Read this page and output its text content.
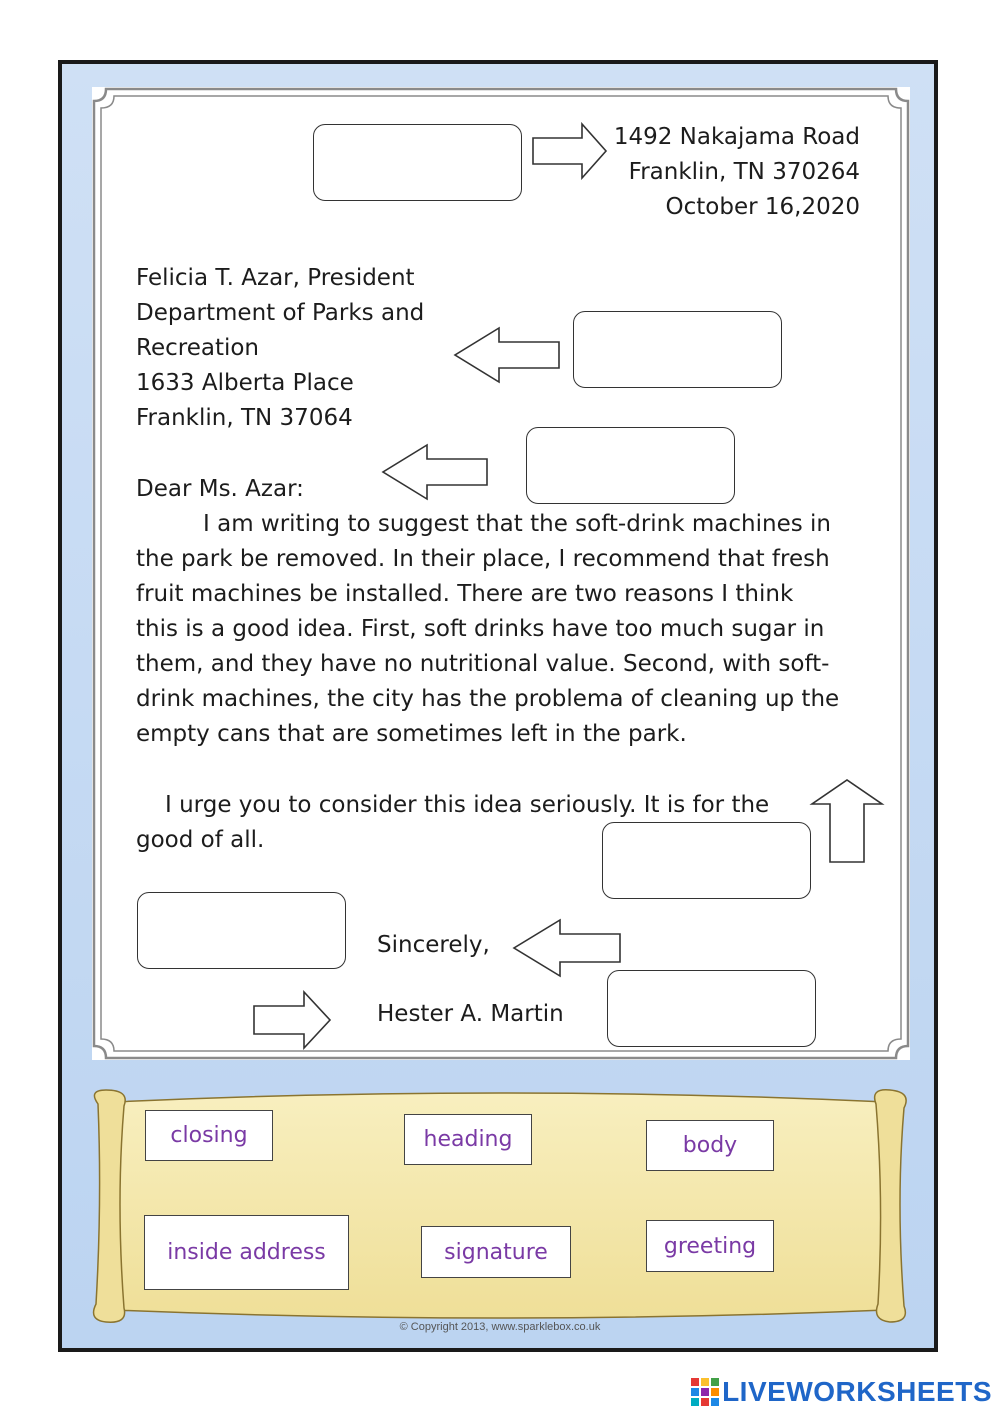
1492 Nakajama Road
Franklin, TN 370264
October 16,2020
Felicia T. Azar, President
Department of Parks and
Recreation
1633 Alberta Place
Franklin, TN 37064
Dear Ms. Azar:
I am writing to suggest that the soft-drink machines in
the park be removed. In their place, I recommend that fresh
fruit machines be installed. There are two reasons I think
this is a good idea. First, soft drinks have too much sugar in
them, and they have no nutritional value. Second, with soft-
drink machines, the city has the problema of cleaning up the
empty cans that are sometimes left in the park.
I urge you to consider this idea seriously. It is for the
good of all.
Sincerely,
Hester A. Martin
closing	heading	body
inside address	signature	greeting
© Copyright 2013, www.sparklebox.co.uk
LIVEWORKSHEETS
